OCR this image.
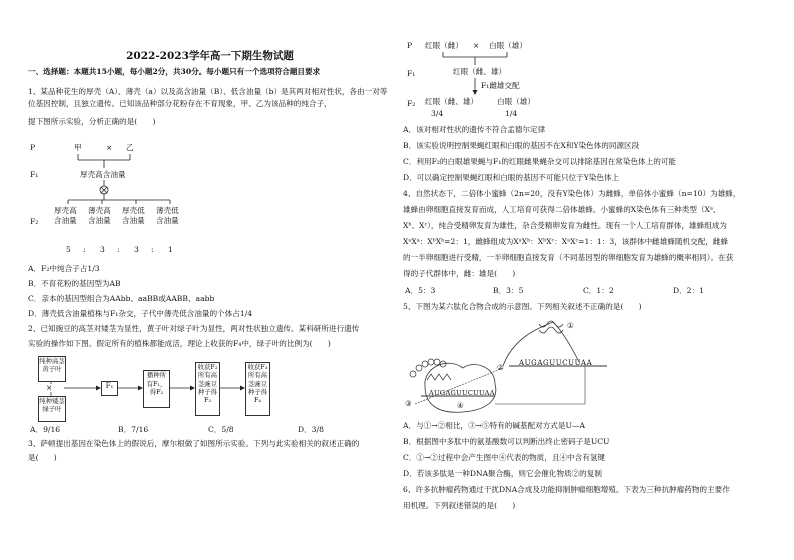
2022-2023学年高一下期生物试题

一、选择题：本题共15小题，每小题2分，共30分。每小题只有一个选项符合题目要求

1、某品种花生的厚壳（A）、薄壳（a）以及高含油量（B）、低含油量（b）是其两对相对性状，各由一对等位基因控制，且独立遗传。已知该品种部分花粉存在不育现象，甲、乙为该品种的纯合子，

提下图所示实验，分析正确的是(　　)

P	甲	× 乙
F₁	厚壳高含油量
F₂
厚壳高含油量
薄壳高含油量
厚壳低含油量
薄壳低含油量
5 : 3 : 3 : 1

A．F₂中纯合子占1/3

B．不育花粉的基因型为AB

C．亲本的基因型组合为AAbb、aaBB或AABB、aabb

D．薄壳低含油量植株与F₁杂交，子代中薄壳低含油量的个体占1/4

2、已知豌豆的高茎对矮茎为显性，黄子叶对绿子叶为显性，两对性状独立遗传。某科研所进行遗传

实验的操作如下图。假定所有的植株都能成活，理论上收获的F₄中，绿子叶的比例为(　　)

纯种高茎黄子叶
×
纯种矮茎绿子叶
F₁
播种所有F₁，得F₂
收获F₂所有高茎豌豆种子得F₃
收获F₃所有高茎豌豆种子得F₄

A．9/16	B．7/16	C．5/8	D．3/8

3、萨顿提出基因在染色体上的假说后，摩尔根做了如图所示实验。下列与此实验相关的叙述正确的

是(　　)

P 红眼（雌） × 白眼（雄）
F₁	红眼（雌、雄）
F₁雌雄交配
F₂ 红眼（雌、雄） 白眼（雄）
3/4	1/4

A．该对相对性状的遗传不符合孟德尔定律

B．该实验说明控制果蝇红眼和白眼的基因不在X和Y染色体的同源区段

C．利用F₂的白眼雄果蝇与F₁的红眼雌果蝇杂交可以排除基因在常染色体上的可能

D．可以确定控制果蝇红眼和白眼的基因不可能只位于Y染色体上

4、自然状态下，二倍体小蜜蜂（2n=20，没有Y染色体）为雌蜂，单倍体小蜜蜂（n=10）为雄蜂，

雄蜂由卵细胞直接发育而成，人工培育可获得二倍体雄蜂。小蜜蜂的X染色体有三种类型（Xᵃ、

Xᵇ、Xᶜ），纯合受精卵发育为雄性，杂合受精卵发育为雌性。现有一个人工培育群体，雄蜂组成为

XᵃXᵃ：XᵇXᵇ=2：1，雌蜂组成为XᵃXᵇ：XᵇXᶜ：XᵃXᶜ=1：1：3，该群体中雌雄蜂随机交配，雌蜂

的一半卵细胞进行受精，一半卵细胞直接发育（不同基因型的卵细胞发育为雄蜂的概率相同）。在获

得的子代群体中，雌：雄是(　　)

A．5：3	B．3：5	C．1：2	D．2：1

5、下图为某六肽化合物合成的示意图。下列相关叙述不正确的是(　　)

AUGAGUUCUUAA
AUGAGUUCUUAA
①
②
③	④

A．与①→②相比，③→⑤特有的碱基配对方式是U—A

B．根据图中多肽中的氨基酸数可以判断出终止密码子是UCU

C．①→②过程中会产生图中④代表的物质，且④中含有氢键

D．若该多肽是一种DNA聚合酶，则它会催化物质②的复制

6、许多抗肿瘤药物通过干扰DNA合成及功能抑制肿瘤细胞增殖。下表为三种抗肿瘤药物的主要作

用机理。下列叙述错误的是(　　)
